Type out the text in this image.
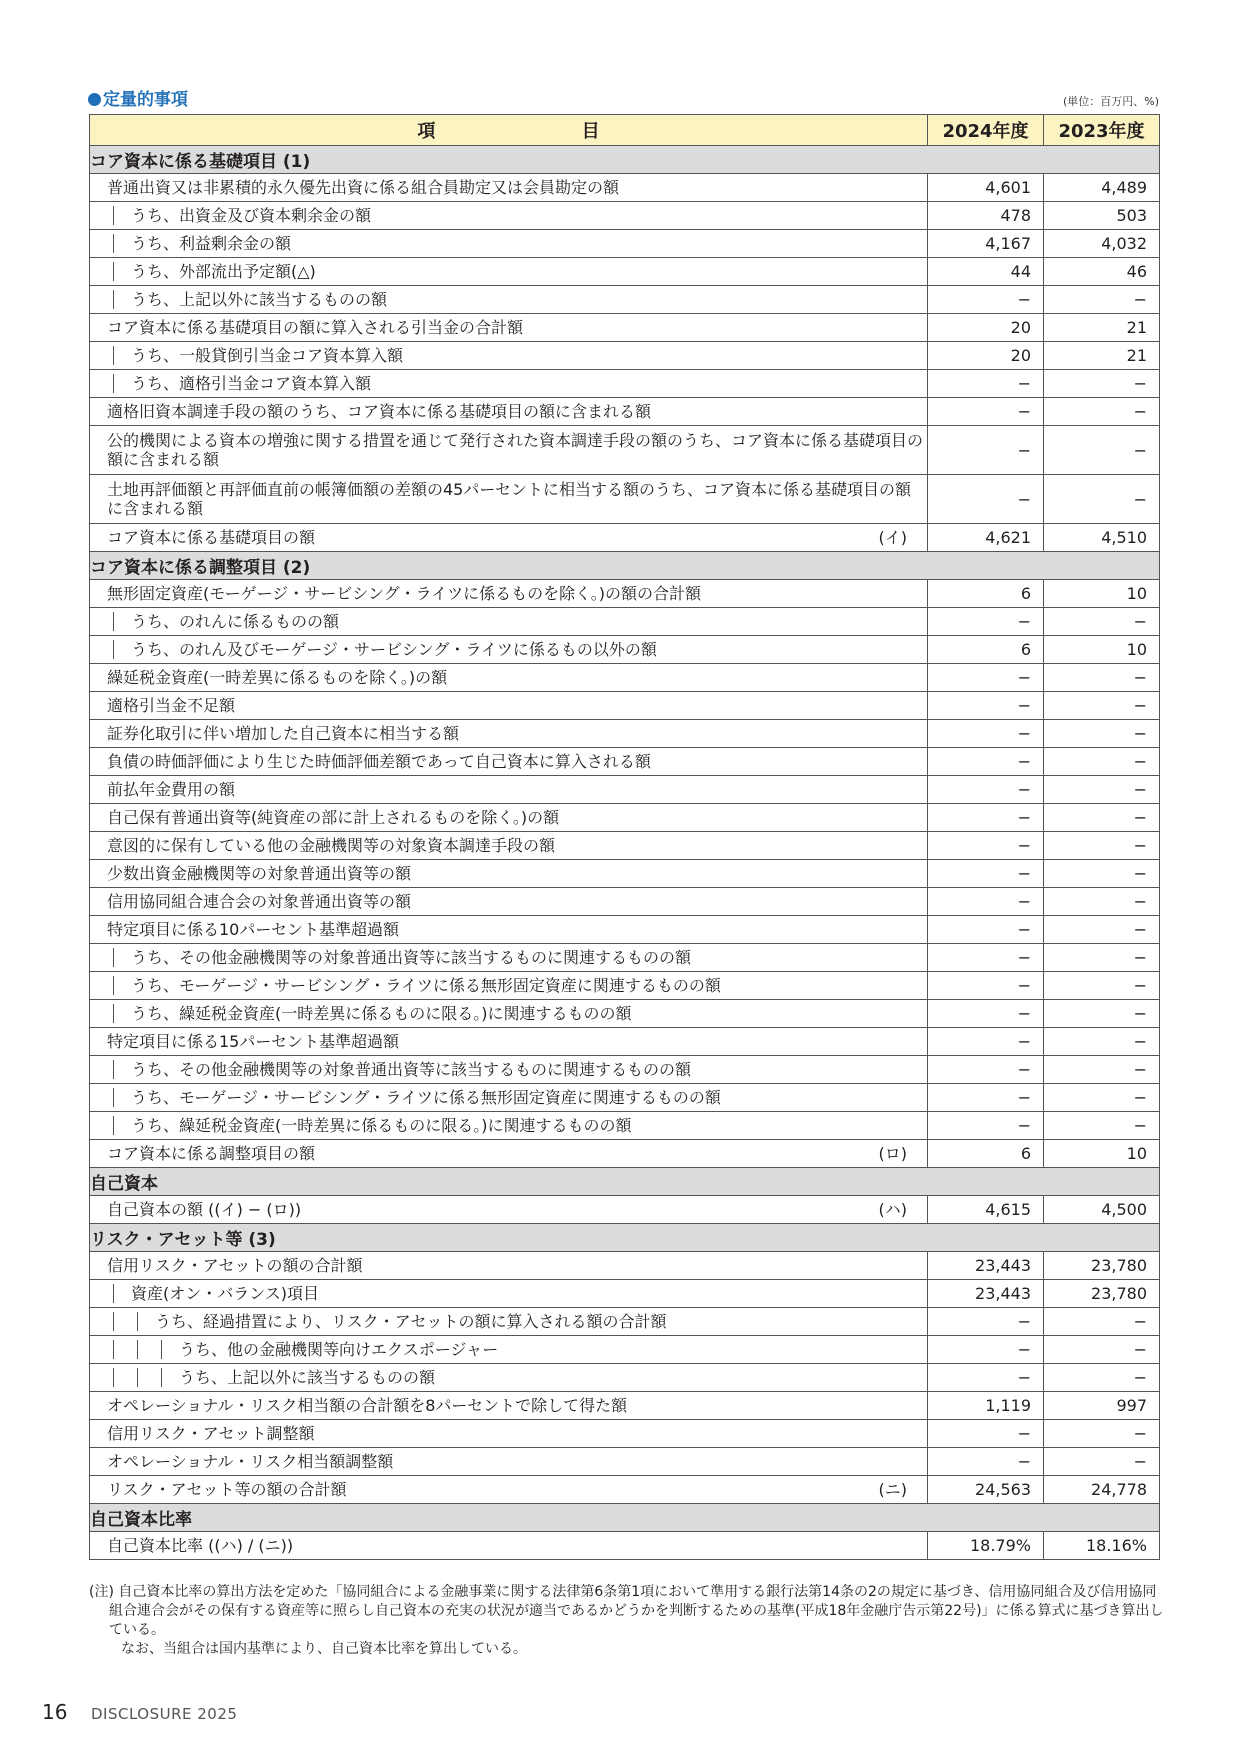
定量的事項	(単位：百万円、%)
項 目	2024年度	2023年度
コア資本に係る基礎項目 (1)		

普通出資又は非累積的永久優先出資に係る組合員勘定又は会員勘定の額	4,601	4,489

うち、出資金及び資本剰余金の額	478	503

うち、利益剰余金の額	4,167	4,032

うち、外部流出予定額(△)	44	46

うち、上記以外に該当するものの額	−	−

コア資本に係る基礎項目の額に算入される引当金の合計額	20	21

うち、一般貸倒引当金コア資本算入額	20	21

うち、適格引当金コア資本算入額	−	−

適格旧資本調達手段の額のうち、コア資本に係る基礎項目の額に含まれる額	−	−

公的機関による資本の増強に関する措置を通じて発行された資本調達手段の額のうち、コア資本に係る基礎項目の額に含まれる額	−	−

土地再評価額と再評価直前の帳簿価額の差額の45パーセントに相当する額のうち、コア資本に係る基礎項目の額に含まれる額	−	−

コア資本に係る基礎項目の額 (イ)	4,621	4,510
コア資本に係る調整項目 (2)		

無形固定資産(モーゲージ・サービシング・ライツに係るものを除く。)の額の合計額	6	10

うち、のれんに係るものの額	−	−

うち、のれん及びモーゲージ・サービシング・ライツに係るもの以外の額	6	10

繰延税金資産(一時差異に係るものを除く。)の額	−	−

適格引当金不足額	−	−

証券化取引に伴い増加した自己資本に相当する額	−	−

負債の時価評価により生じた時価評価差額であって自己資本に算入される額	−	−

前払年金費用の額	−	−

自己保有普通出資等(純資産の部に計上されるものを除く。)の額	−	−

意図的に保有している他の金融機関等の対象資本調達手段の額	−	−

少数出資金融機関等の対象普通出資等の額	−	−

信用協同組合連合会の対象普通出資等の額	−	−

特定項目に係る10パーセント基準超過額	−	−

うち、その他金融機関等の対象普通出資等に該当するものに関連するものの額	−	−

うち、モーゲージ・サービシング・ライツに係る無形固定資産に関連するものの額	−	−

うち、繰延税金資産(一時差異に係るものに限る。)に関連するものの額	−	−

特定項目に係る15パーセント基準超過額	−	−

うち、その他金融機関等の対象普通出資等に該当するものに関連するものの額	−	−

うち、モーゲージ・サービシング・ライツに係る無形固定資産に関連するものの額	−	−

うち、繰延税金資産(一時差異に係るものに限る。)に関連するものの額	−	−

コア資本に係る調整項目の額 (ロ)	6	10
自己資本		

自己資本の額 ((イ) − (ロ)) (ハ)	4,615	4,500
リスク・アセット等 (3)		

信用リスク・アセットの額の合計額	23,443	23,780

資産(オン・バランス)項目	23,443	23,780

うち、経過措置により、リスク・アセットの額に算入される額の合計額	−	−

うち、他の金融機関等向けエクスポージャー	−	−

うち、上記以外に該当するものの額	−	−

オペレーショナル・リスク相当額の合計額を8パーセントで除して得た額	1,119	997

信用リスク・アセット調整額	−	−

オペレーショナル・リスク相当額調整額	−	−

リスク・アセット等の額の合計額 (ニ)	24,563	24,778
自己資本比率		

自己資本比率 ((ハ) / (ニ))	18.79%	18.16%
(注) 自己資本比率の算出方法を定めた「協同組合による金融事業に関する法律第6条第1項において準用する銀行法第14条の2の規定に基づき、信用協同組合及び信用協同組合連合会がその保有する資産等に照らし自己資本の充実の状況が適当であるかどうかを判断するための基準(平成18年金融庁告示第22号)」に係る算式に基づき算出している。
なお、当組合は国内基準により、自己資本比率を算出している。
16 DISCLOSURE 2025
